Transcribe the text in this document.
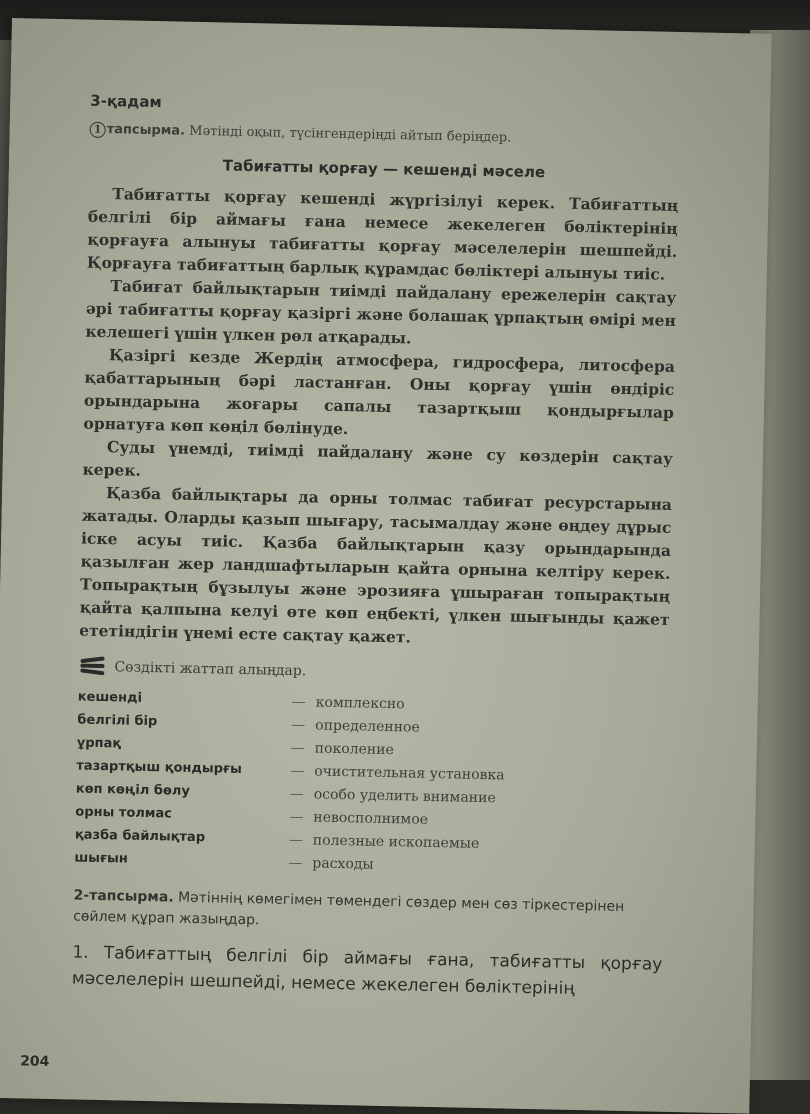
3-қадам
1 тапсырма. Мәтінді оқып, түсінгендеріңді айтып беріңдер.
Табиғатты қорғау — кешенді мәселе

Табиғатты қорғау кешенді жүргізілуі керек. Табиғаттың белгілі бір аймағы ғана немесе жекелеген бөліктерінің қорғауға алынуы табиғатты қорғау мәселелерін шешпейді. Қорғауға табиғаттың барлық құрамдас бөліктері алынуы тиіс.

Табиғат байлықтарын тиімді пайдалану ережелерін сақтау әрі табиғатты қорғау қазіргі және болашақ ұрпақтың өмірі мен келешегі үшін үлкен рөл атқарады.

Қазіргі кезде Жердің атмосфера, гидросфера, литосфера қабаттарының бәрі ластанған. Оны қорғау үшін өндіріс орындарына жоғары сапалы тазартқыш қондырғылар орнатуға көп көңіл бөлінуде.

Суды үнемді, тиімді пайдалану және су көздерін сақтау керек.

Қазба байлықтары да орны толмас табиғат ресурстарына жатады. Оларды қазып шығару, тасымалдау және өңдеу дұрыс іске асуы тиіс. Қазба байлықтарын қазу орындарында қазылған жер ландшафтыларын қайта орнына келтіру керек. Топырақтың бұзылуы және эрозияға ұшыраған топырақтың қайта қалпына келуі өте көп еңбекті, үлкен шығынды қажет ететіндігін үнемі есте сақтау қажет.

Сөздікті жаттап алыңдар.
кешенді	— комплексно
белгілі бір	— определенное
ұрпақ	— поколение
тазартқыш қондырғы	— очистительная установка
көп көңіл бөлу	— особо уделить внимание
орны толмас	— невосполнимое
қазба байлықтар	— полезные ископаемые
шығын	— расходы
2-тапсырма. Мәтіннің көмегімен төмендегі сөздер мен сөз тіркестерінен сөйлем құрап жазыңдар.
1. Табиғаттың белгілі бір аймағы ғана, табиғатты қорғау мәселелерін шешпейді, немесе жекелеген бөліктерінің
204
